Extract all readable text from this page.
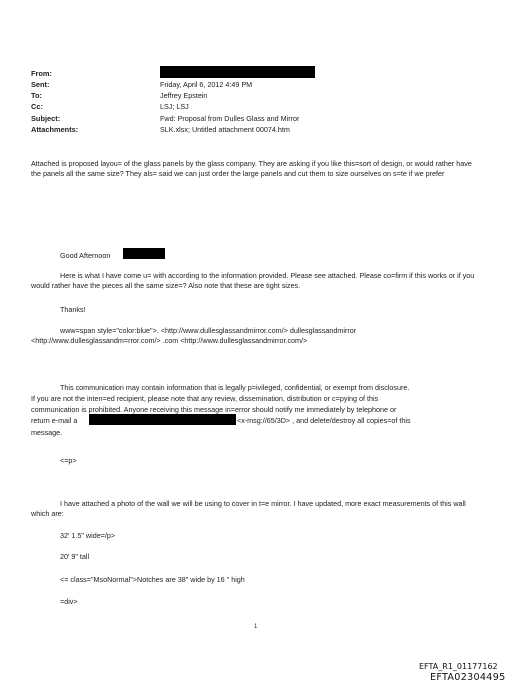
From:
Sent:
To:
Cc:
Subject:
Attachments:
Friday, April 6, 2012 4:49 PM
Jeffrey Epstein
LSJ; LSJ
Fwd: Proposal from Dulles Glass and Mirror
SLK.xlsx; Untitled attachment 00074.htm
Attached is proposed layou= of the glass panels by the glass company. They are asking if you like this=sort of design, or would rather have the panels all the same size? They als= said we can just order the large panels and cut them to size ourselves on s=te if we prefer
Good Afternoon
Here is what I have come u= with according to the information provided. Please see attached. Please co=firm if this works or if you would rather have the pieces all the same size=? Also note that these are tight sizes.
Thanks!
www=span style="color:blue">. <http://www.dullesglassandmirror.com/> dullesglassandmirror <http://www.dullesglassandm=rror.com/> .com <http://www.dullesglassandmirror.com/>
This communication may contain information that is legally p=ivileged, confidential, or exempt from disclosure.
If you are not the inten=ed recipient, please note that any review, dissemination, distribution or c=pying of this
communication is prohibited. Anyone receiving this message in=error should notify me immediately by telephone or
return e-mail a	<x-msg://65/3D> , and delete/destroy all copies=of this
message.
<=p>
I have attached a photo of the wall we will be using to cover in t=e mirror. I have updated, more exact measurements of this wall which are:
32' 1.5" wide=/p>
20' 9" tall
<= class="MsoNormal">Notches are 38" wide by 16 " high
=div>
1
EFTA_R1_01177162
EFTA02304495
